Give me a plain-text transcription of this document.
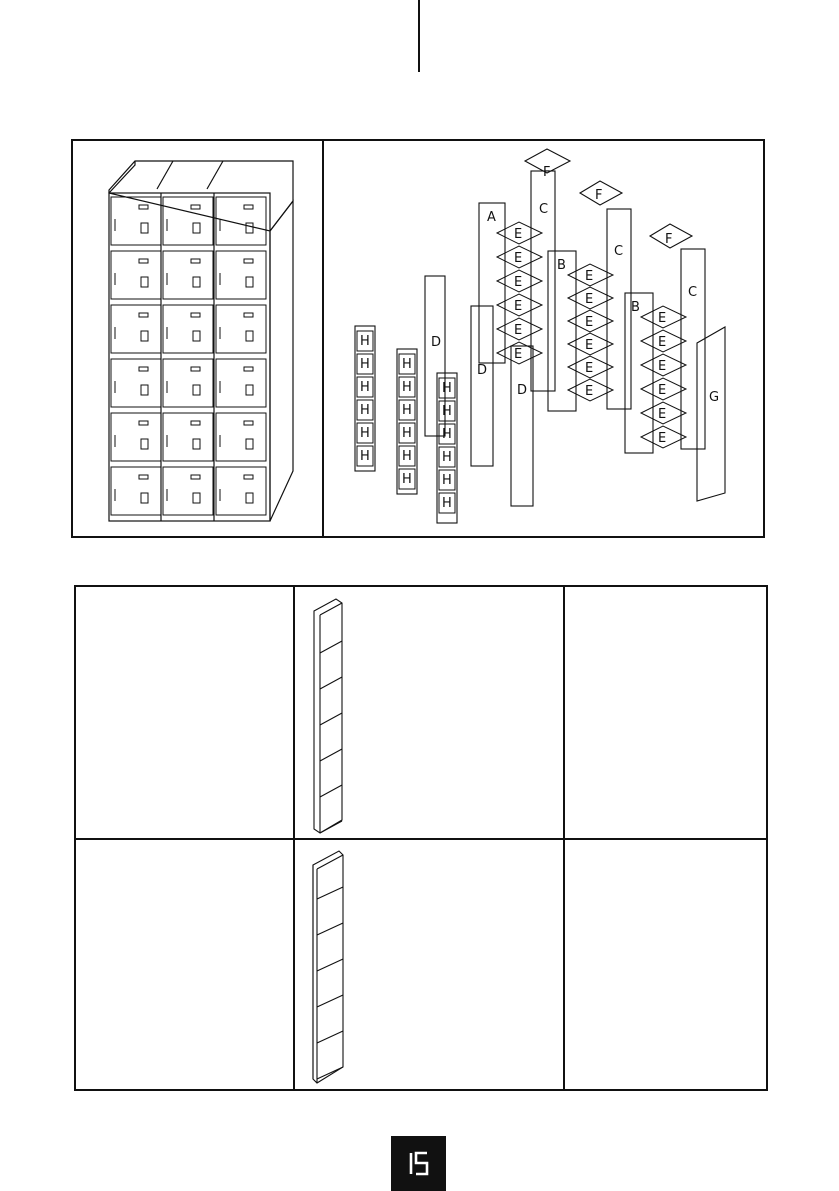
F
F
F
C
C
C
A
B
B
G
D
D
D
E
E
E
E
E
E
E
E
E
E
E
E
E
E
E
E
E
E
H
H
H
H
H
H
H
H
H
H
H
H
H
H
H
H
H
H
